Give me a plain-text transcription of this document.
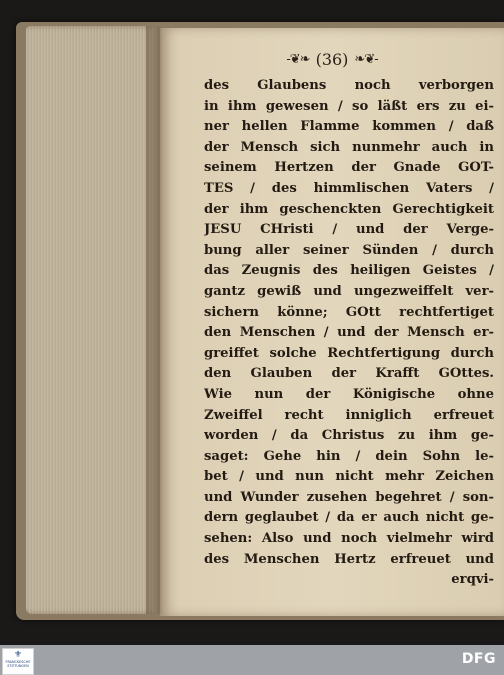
-❦❧ (36) ❧❦-
des Glaubens noch verborgen
in ihm gewesen / so läßt ers zu ei-
ner hellen Flamme kommen / daß
der Mensch sich nunmehr auch in
seinem Hertzen der Gnade GOT-
TES / des himmlischen Vaters /
der ihm geschenckten Gerechtigkeit
JESU CHristi / und der Verge-
bung aller seiner Sünden / durch
das Zeugnis des heiligen Geistes /
gantz gewiß und ungezweiffelt ver-
sichern könne; GOtt rechtfertiget
den Menschen / und der Mensch er-
greiffet solche Rechtfertigung durch
den Glauben der Krafft GOttes.
Wie nun der Königische ohne
Zweiffel recht inniglich erfreuet
worden / da Christus zu ihm ge-
saget: Gehe hin / dein Sohn le-
bet / und nun nicht mehr Zeichen
und Wunder zusehen begehret / son-
dern geglaubet / da er auch nicht ge-
sehen: Also und noch vielmehr wird
des Menschen Hertz erfreuet und
erqvi-
⚜
FRANCKESCHE STIFTUNGEN	DFG
